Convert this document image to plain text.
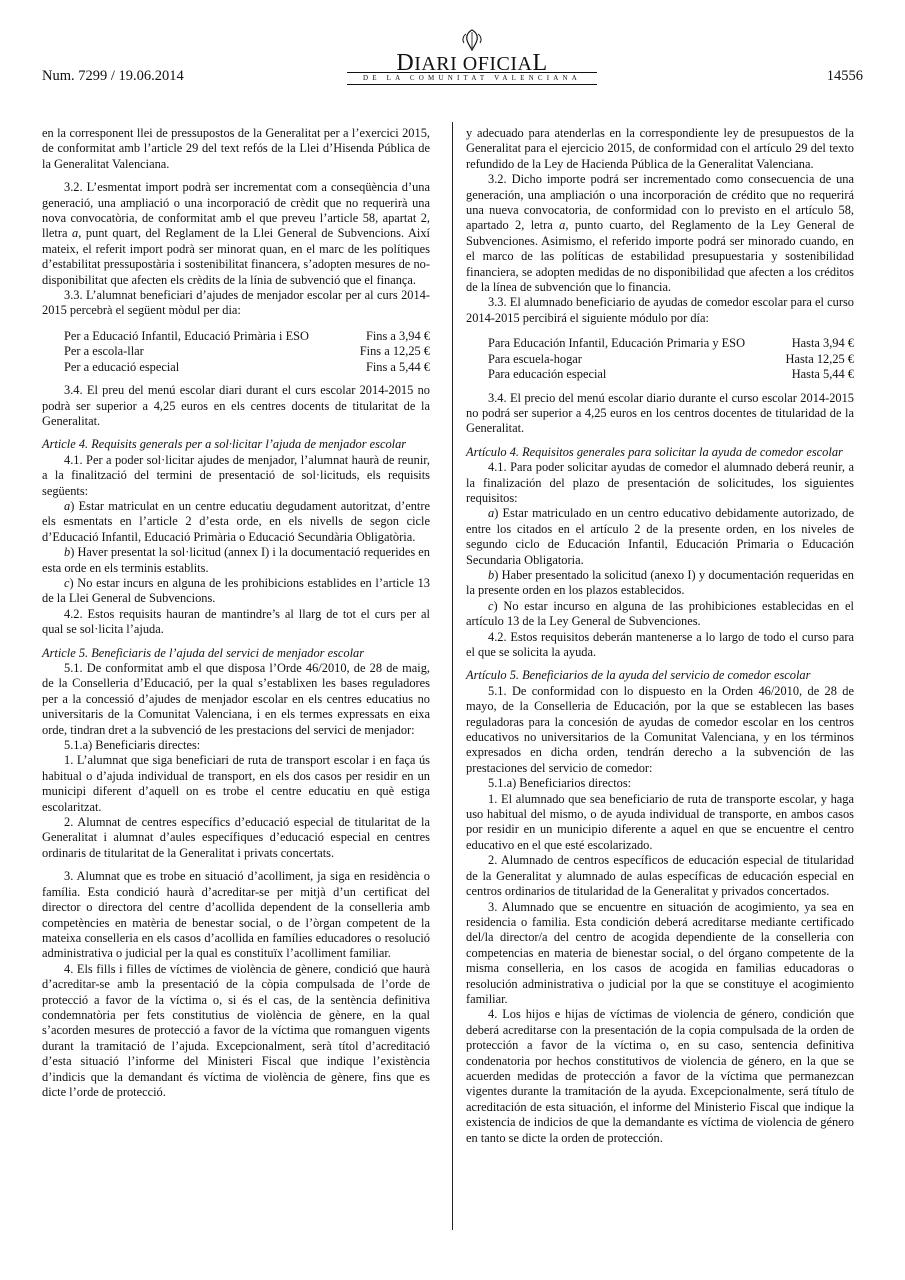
Num. 7299 / 19.06.2014	DIARI OFICIAL
DE LA COMUNITAT VALENCIANA	14556

en la corresponent llei de pressupostos de la Generalitat per a l’exercici 2015, de conformitat amb l’article 29 del text refós de la Llei d’Hisenda Pública de la Generalitat Valenciana.

3.2. L’esmentat import podrà ser incrementat com a conseqüència d’una generació, una ampliació o una incorporació de crèdit que no requerirà una nova convocatòria, de conformitat amb el que preveu l’article 58, apartat 2, lletra a, punt quart, del Reglament de la Llei General de Subvencions. Així mateix, el referit import podrà ser minorat quan, en el marc de les polítiques d’estabilitat pressupostària i sostenibilitat financera, s’adopten mesures de no-disponibilitat que afecten els crèdits de la línia de subvenció que el finança.

3.3. L’alumnat beneficiari d’ajudes de menjador escolar per al curs 2014-2015 percebrà el següent mòdul per dia:

Per a Educació Infantil, Educació Primària i ESO	Fins a 3,94 €
Per a escola-llar	Fins a 12,25 €
Per a educació especial	Fins a 5,44 €

3.4. El preu del menú escolar diari durant el curs escolar 2014-2015 no podrà ser superior a 4,25 euros en els centres docents de titularitat de la Generalitat.

Article 4. Requisits generals per a sol·licitar l’ajuda de menjador escolar

4.1. Per a poder sol·licitar ajudes de menjador, l’alumnat haurà de reunir, a la finalització del termini de presentació de sol·licituds, els requisits següents:

a) Estar matriculat en un centre educatiu degudament autoritzat, d’entre els esmentats en l’article 2 d’esta orde, en els nivells de segon cicle d’Educació Infantil, Educació Primària o Educació Secundària Obligatòria.

b) Haver presentat la sol·licitud (annex I) i la documentació requerides en esta orde en els terminis establits.

c) No estar incurs en alguna de les prohibicions establides en l’article 13 de la Llei General de Subvencions.

4.2. Estos requisits hauran de mantindre’s al llarg de tot el curs per al qual se sol·licita l’ajuda.

Article 5. Beneficiaris de l’ajuda del servici de menjador escolar

5.1. De conformitat amb el que disposa l’Orde 46/2010, de 28 de maig, de la Conselleria d’Educació, per la qual s’establixen les bases reguladores per a la concessió d’ajudes de menjador escolar en els centres educatius no universitaris de la Comunitat Valenciana, i en els termes expressats en eixa orde, tindran dret a la subvenció de les prestacions del servici de menjador:

5.1.a) Beneficiaris directes:

1. L’alumnat que siga beneficiari de ruta de transport escolar i en faça ús habitual o d’ajuda individual de transport, en els dos casos per residir en un municipi diferent d’aquell on es trobe el centre educatiu en què estiga escolaritzat.

2. Alumnat de centres específics d’educació especial de titularitat de la Generalitat i alumnat d’aules específiques d’educació especial en centres ordinaris de titularitat de la Generalitat i privats concertats.

3. Alumnat que es trobe en situació d’acolliment, ja siga en residència o família. Esta condició haurà d’acreditar-se per mitjà d’un certificat del director o directora del centre d’acollida dependent de la conselleria amb competències en matèria de benestar social, o de l’òrgan competent de la mateixa conselleria en els casos d’acollida en famílies educadores o resolució administrativa o judicial per la qual es constituïx l’acolliment familiar.

4. Els fills i filles de víctimes de violència de gènere, condició que haurà d’acreditar-se amb la presentació de la còpia compulsada de l’orde de protecció a favor de la víctima o, si és el cas, de la sentència definitiva condemnatòria per fets constitutius de violència de gènere, en la qual s’acorden mesures de protecció a favor de la víctima que romanguen vigents durant la tramitació de l’ajuda. Excepcionalment, serà títol d’acreditació d’esta situació l’informe del Ministeri Fiscal que indique l’existència d’indicis que la demandant és víctima de violència de gènere, fins que es dicte l’orde de protecció.

y adecuado para atenderlas en la correspondiente ley de presupuestos de la Generalitat para el ejercicio 2015, de conformidad con el artículo 29 del texto refundido de la Ley de Hacienda Pública de la Generalitat Valenciana.

3.2. Dicho importe podrá ser incrementado como consecuencia de una generación, una ampliación o una incorporación de crédito que no requerirá una nueva convocatoria, de conformidad con lo previsto en el artículo 58, apartado 2, letra a, punto cuarto, del Reglamento de la Ley General de Subvenciones. Asimismo, el referido importe podrá ser minorado cuando, en el marco de las políticas de estabilidad presupuestaria y sostenibilidad financiera, se adopten medidas de no disponibilidad que afecten a los créditos de la línea de subvención que lo financia.

3.3. El alumnado beneficiario de ayudas de comedor escolar para el curso 2014-2015 percibirá el siguiente módulo por día:

Para Educación Infantil, Educación Primaria y ESO	Hasta 3,94 €
Para escuela-hogar	Hasta 12,25 €
Para educación especial	Hasta 5,44 €

3.4. El precio del menú escolar diario durante el curso escolar 2014-2015 no podrá ser superior a 4,25 euros en los centros docentes de titularidad de la Generalitat.

Artículo 4. Requisitos generales para solicitar la ayuda de comedor escolar

4.1. Para poder solicitar ayudas de comedor el alumnado deberá reunir, a la finalización del plazo de presentación de solicitudes, los siguientes requisitos:

a) Estar matriculado en un centro educativo debidamente autorizado, de entre los citados en el artículo 2 de la presente orden, en los niveles de segundo ciclo de Educación Infantil, Educación Primaria o Educación Secundaria Obligatoria.

b) Haber presentado la solicitud (anexo I) y documentación requeridas en la presente orden en los plazos establecidos.

c) No estar incurso en alguna de las prohibiciones establecidas en el artículo 13 de la Ley General de Subvenciones.

4.2. Estos requisitos deberán mantenerse a lo largo de todo el curso para el que se solicita la ayuda.

Artículo 5. Beneficiarios de la ayuda del servicio de comedor escolar

5.1. De conformidad con lo dispuesto en la Orden 46/2010, de 28 de mayo, de la Conselleria de Educación, por la que se establecen las bases reguladoras para la concesión de ayudas de comedor escolar en los centros educativos no universitarios de la Comunitat Valenciana, y en los términos expresados en dicha orden, tendrán derecho a la subvención de las prestaciones del servicio de comedor:

5.1.a) Beneficiarios directos:

1. El alumnado que sea beneficiario de ruta de transporte escolar, y haga uso habitual del mismo, o de ayuda individual de transporte, en ambos casos por residir en un municipio diferente a aquel en que se encuentre el centro educativo en el que esté escolarizado.

2. Alumnado de centros específicos de educación especial de titularidad de la Generalitat y alumnado de aulas específicas de educación especial en centros ordinarios de titularidad de la Generalitat y privados concertados.

3. Alumnado que se encuentre en situación de acogimiento, ya sea en residencia o familia. Esta condición deberá acreditarse mediante certificado del/la director/a del centro de acogida dependiente de la conselleria con competencias en materia de bienestar social, o del órgano competente de la misma conselleria, en los casos de acogida en familias educadoras o resolución administrativa o judicial por la que se constituye el acogimiento familiar.

4. Los hijos e hijas de víctimas de violencia de género, condición que deberá acreditarse con la presentación de la copia compulsada de la orden de protección a favor de la víctima o, en su caso, sentencia definitiva condenatoria por hechos constitutivos de violencia de género, en la que se acuerden medidas de protección a favor de la víctima que permanezcan vigentes durante la tramitación de la ayuda. Excepcionalmente, será título de acreditación de esta situación, el informe del Ministerio Fiscal que indique la existencia de indicios de que la demandante es víctima de violencia de género en tanto se dicte la orden de protección.
